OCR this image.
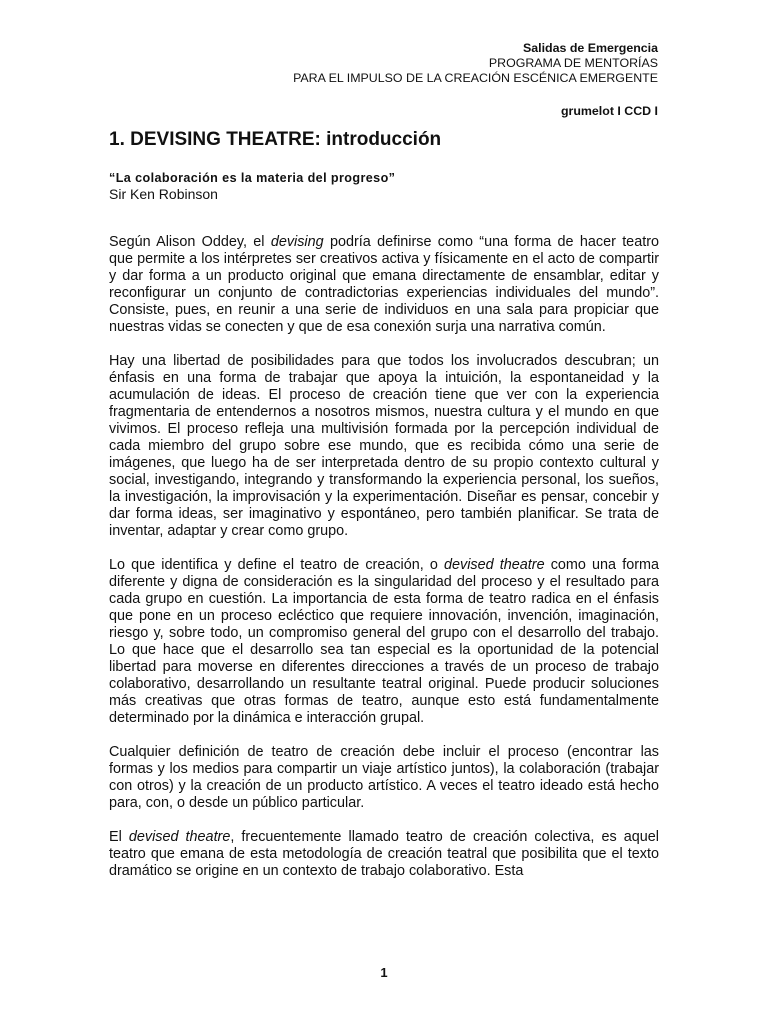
Salidas de Emergencia
PROGRAMA DE MENTORÍAS
PARA EL IMPULSO DE LA CREACIÓN ESCÉNICA EMERGENTE
grumelot I CCD I
1. DEVISING THEATRE: introducción
“La colaboración es la materia del progreso”
Sir Ken Robinson

Según Alison Oddey, el devising podría definirse como “una forma de hacer teatro que permite a los intérpretes ser creativos activa y físicamente en el acto de compartir y dar forma a un producto original que emana directamente de ensamblar, editar y reconfigurar un conjunto de contradictorias experiencias individuales del mundo”. Consiste, pues, en reunir a una serie de individuos en una sala para propiciar que nuestras vidas se conecten y que de esa conexión surja una narrativa común.

Hay una libertad de posibilidades para que todos los involucrados descubran; un énfasis en una forma de trabajar que apoya la intuición, la espontaneidad y la acumulación de ideas. El proceso de creación tiene que ver con la experiencia fragmentaria de entendernos a nosotros mismos, nuestra cultura y el mundo en que vivimos. El proceso refleja una multivisión formada por la percepción individual de cada miembro del grupo sobre ese mundo, que es recibida cómo una serie de imágenes, que luego ha de ser interpretada dentro de su propio contexto cultural y social, investigando, integrando y transformando la experiencia personal, los sueños, la investigación, la improvisación y la experimentación. Diseñar es pensar, concebir y dar forma ideas, ser imaginativo y espontáneo, pero también planificar. Se trata de inventar, adaptar y crear como grupo.

Lo que identifica y define el teatro de creación, o devised theatre como una forma diferente y digna de consideración es la singularidad del proceso y el resultado para cada grupo en cuestión. La importancia de esta forma de teatro radica en el énfasis que pone en un proceso ecléctico que requiere innovación, invención, imaginación, riesgo y, sobre todo, un compromiso general del grupo con el desarrollo del trabajo. Lo que hace que el desarrollo sea tan especial es la oportunidad de la potencial libertad para moverse en diferentes direcciones a través de un proceso de trabajo colaborativo, desarrollando un resultante teatral original. Puede producir soluciones más creativas que otras formas de teatro, aunque esto está fundamentalmente determinado por la dinámica e interacción grupal.

Cualquier definición de teatro de creación debe incluir el proceso (encontrar las formas y los medios para compartir un viaje artístico juntos), la colaboración (trabajar con otros) y la creación de un producto artístico. A veces el teatro ideado está hecho para, con, o desde un público particular.

El devised theatre, frecuentemente llamado teatro de creación colectiva, es aquel teatro que emana de esta metodología de creación teatral que posibilita que el texto dramático se origine en un contexto de trabajo colaborativo. Esta

1
